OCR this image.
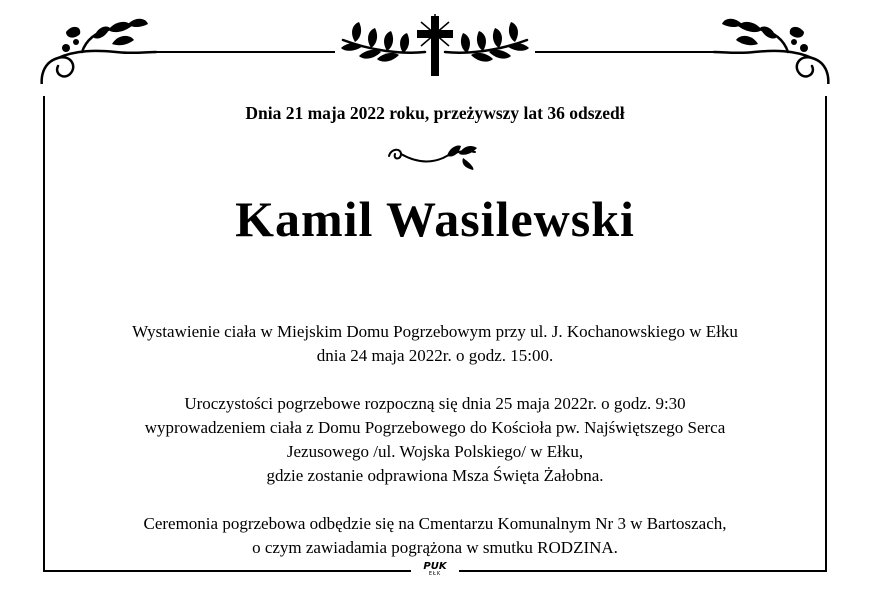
Dnia 21 maja 2022 roku, przeżywszy lat 36 odszedł
Kamil Wasilewski
Wystawienie ciała w Miejskim Domu Pogrzebowym przy ul. J. Kochanowskiego w Ełku
dnia 24 maja 2022r. o godz. 15:00.
Uroczystości pogrzebowe rozpoczną się dnia 25 maja 2022r. o godz. 9:30
wyprowadzeniem ciała z Domu Pogrzebowego do Kościoła pw. Najświętszego Serca
Jezusowego /ul. Wojska Polskiego/ w Ełku,
gdzie zostanie odprawiona Msza Święta Żałobna.
Ceremonia pogrzebowa odbędzie się na Cmentarzu Komunalnym Nr 3 w Bartoszach,
o czym zawiadamia pogrążona w smutku RODZINA.
PUK
EŁK
